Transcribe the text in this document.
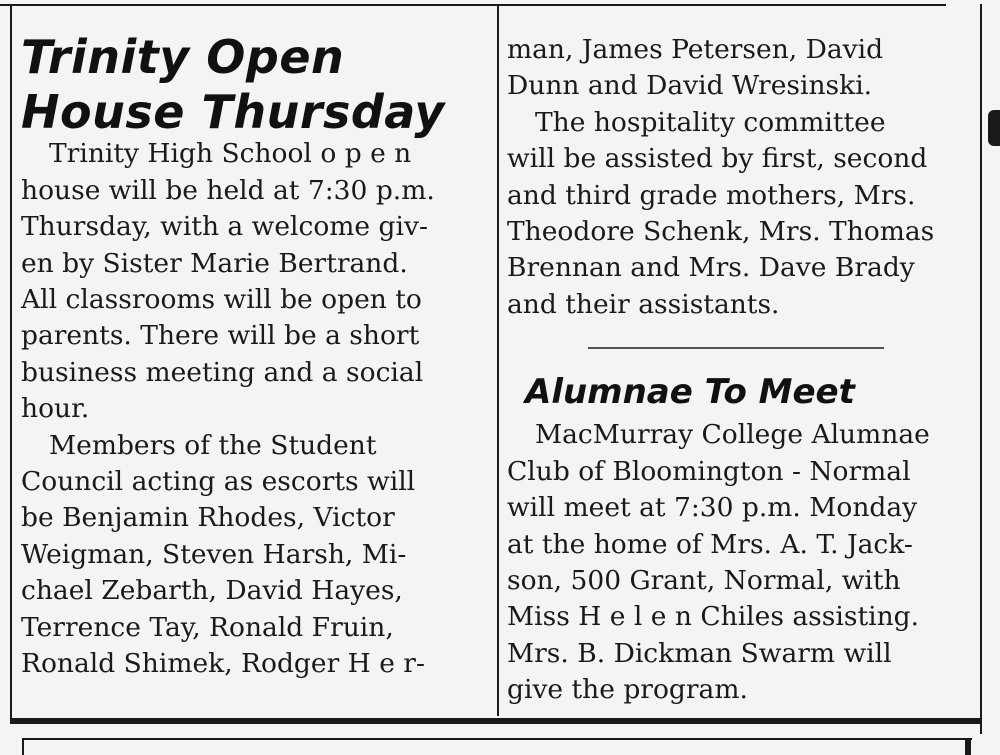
Trinity Open
House Thursday

Trinity High School o p e n
house will be held at 7:30 p.m.
Thursday, with a welcome giv-
en by Sister Marie Bertrand.
All classrooms will be open to
parents. There will be a short
business meeting and a social
hour.

Members of the Student
Council acting as escorts will
be Benjamin Rhodes, Victor
Weigman, Steven Harsh, Mi-
chael Zebarth, David Hayes,
Terrence Tay, Ronald Fruin,
Ronald Shimek, Rodger H e r-

man, James Petersen, David
Dunn and David Wresinski.

The hospitality committee
will be assisted by first, second
and third grade mothers, Mrs.
Theodore Schenk, Mrs. Thomas
Brennan and Mrs. Dave Brady
and their assistants.

Alumnae To Meet

MacMurray College Alumnae
Club of Bloomington - Normal
will meet at 7:30 p.m. Monday
at the home of Mrs. A. T. Jack-
son, 500 Grant, Normal, with
Miss H e l e n Chiles assisting.
Mrs. B. Dickman Swarm will
give the program.
